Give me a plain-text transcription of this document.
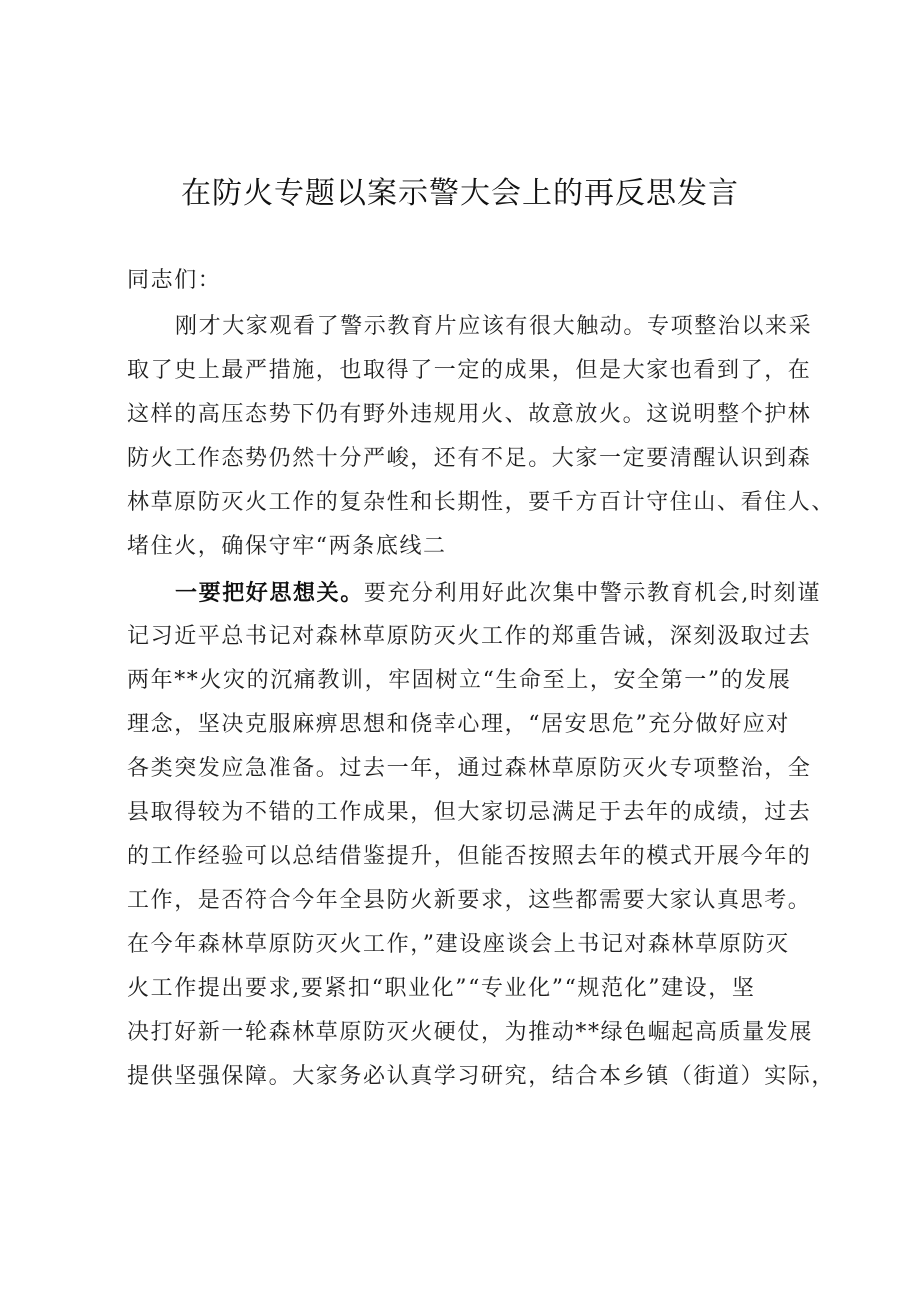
在防火专题以案示警大会上的再反思发言
同志们：
刚才大家观看了警示教育片应该有很大触动。专项整治以来采
取了史上最严措施，也取得了一定的成果，但是大家也看到了，在
这样的高压态势下仍有野外违规用火、故意放火。这说明整个护林
防火工作态势仍然十分严峻，还有不足。大家一定要清醒认识到森
林草原防灭火工作的复杂性和长期性，要千方百计守住山、看住人、
堵住火，确保守牢“两条底线二
一要把好思想关。要充分利用好此次集中警示教育机会,时刻谨
记习近平总书记对森林草原防灭火工作的郑重告诫，深刻汲取过去
两年**火灾的沉痛教训，牢固树立“生命至上，安全第一”的发展
理念，坚决克服麻痹思想和侥幸心理，“居安思危”充分做好应对
各类突发应急准备。过去一年，通过森林草原防灭火专项整治，全
县取得较为不错的工作成果，但大家切忌满足于去年的成绩，过去
的工作经验可以总结借鉴提升，但能否按照去年的模式开展今年的
工作，是否符合今年全县防火新要求，这些都需要大家认真思考。
在今年森林草原防灭火工作，”建设座谈会上书记对森林草原防灭
火工作提出要求,要紧扣“职业化”“专业化”“规范化”建设，坚
决打好新一轮森林草原防灭火硬仗，为推动**绿色崛起高质量发展
提供坚强保障。大家务必认真学习研究，结合本乡镇（街道）实际，
